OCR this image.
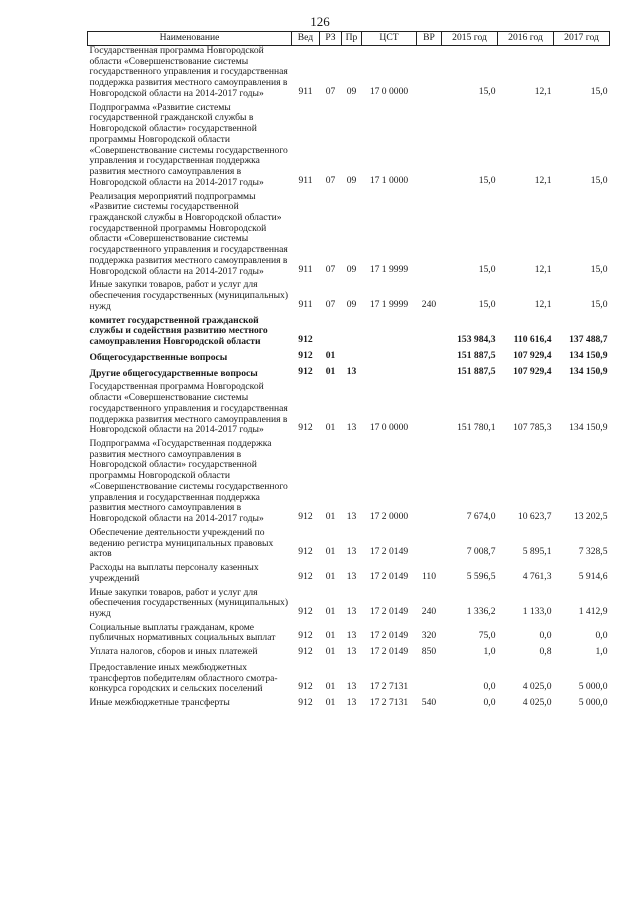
126
Наименование	Вед	РЗ	Пр	ЦСТ	ВР	2015 год	2016 год	2017 год
Государственная программа Новгородской области «Совершенствование системы государственного управления и государственная поддержка развития местного самоуправления в Новгородской области на 2014-2017 годы»	911	07	09	17 0 0000		15,0	12,1	15,0
Подпрограмма «Развитие системы государственной гражданской службы в Новгородской области» государственной программы Новгородской области «Совершенствование системы государственного управления и государственная поддержка развития местного самоуправления в Новгородской области на 2014-2017 годы»	911	07	09	17 1 0000		15,0	12,1	15,0
Реализация мероприятий подпрограммы «Развитие системы государственной гражданской службы в Новгородской области» государственной программы Новгородской области «Совершенствование системы государственного управления и государственная поддержка развития местного самоуправления в Новгородской области на 2014-2017 годы»	911	07	09	17 1 9999		15,0	12,1	15,0
Иные закупки товаров, работ и услуг для обеспечения государственных (муниципальных) нужд	911	07	09	17 1 9999	240	15,0	12,1	15,0
комитет государственной гражданской службы и содействия развитию местного самоуправления Новгородской области	912					153 984,3	110 616,4	137 488,7
Общегосударственные вопросы	912	01				151 887,5	107 929,4	134 150,9
Другие общегосударственные вопросы	912	01	13			151 887,5	107 929,4	134 150,9
Государственная программа Новгородской области «Совершенствование системы государственного управления и государственная поддержка развития местного самоуправления в Новгородской области на 2014-2017 годы»	912	01	13	17 0 0000		151 780,1	107 785,3	134 150,9
Подпрограмма «Государственная поддержка развития местного самоуправления в Новгородской области» государственной программы Новгородской области «Совершенствование системы государственного управления и государственная поддержка развития местного самоуправления в Новгородской области на 2014-2017 годы»	912	01	13	17 2 0000		7 674,0	10 623,7	13 202,5
Обеспечение деятельности учреждений по ведению регистра муниципальных правовых актов	912	01	13	17 2 0149		7 008,7	5 895,1	7 328,5
Расходы на выплаты персоналу казенных учреждений	912	01	13	17 2 0149	110	5 596,5	4 761,3	5 914,6
Иные закупки товаров, работ и услуг для обеспечения государственных (муниципальных) нужд	912	01	13	17 2 0149	240	1 336,2	1 133,0	1 412,9
Социальные выплаты гражданам, кроме публичных нормативных социальных выплат	912	01	13	17 2 0149	320	75,0	0,0	0,0
Уплата налогов, сборов и иных платежей	912	01	13	17 2 0149	850	1,0	0,8	1,0
Предоставление иных межбюджетных трансфертов победителям областного смотра-конкурса городских и сельских поселений	912	01	13	17 2 7131		0,0	4 025,0	5 000,0
Иные межбюджетные трансферты	912	01	13	17 2 7131	540	0,0	4 025,0	5 000,0
